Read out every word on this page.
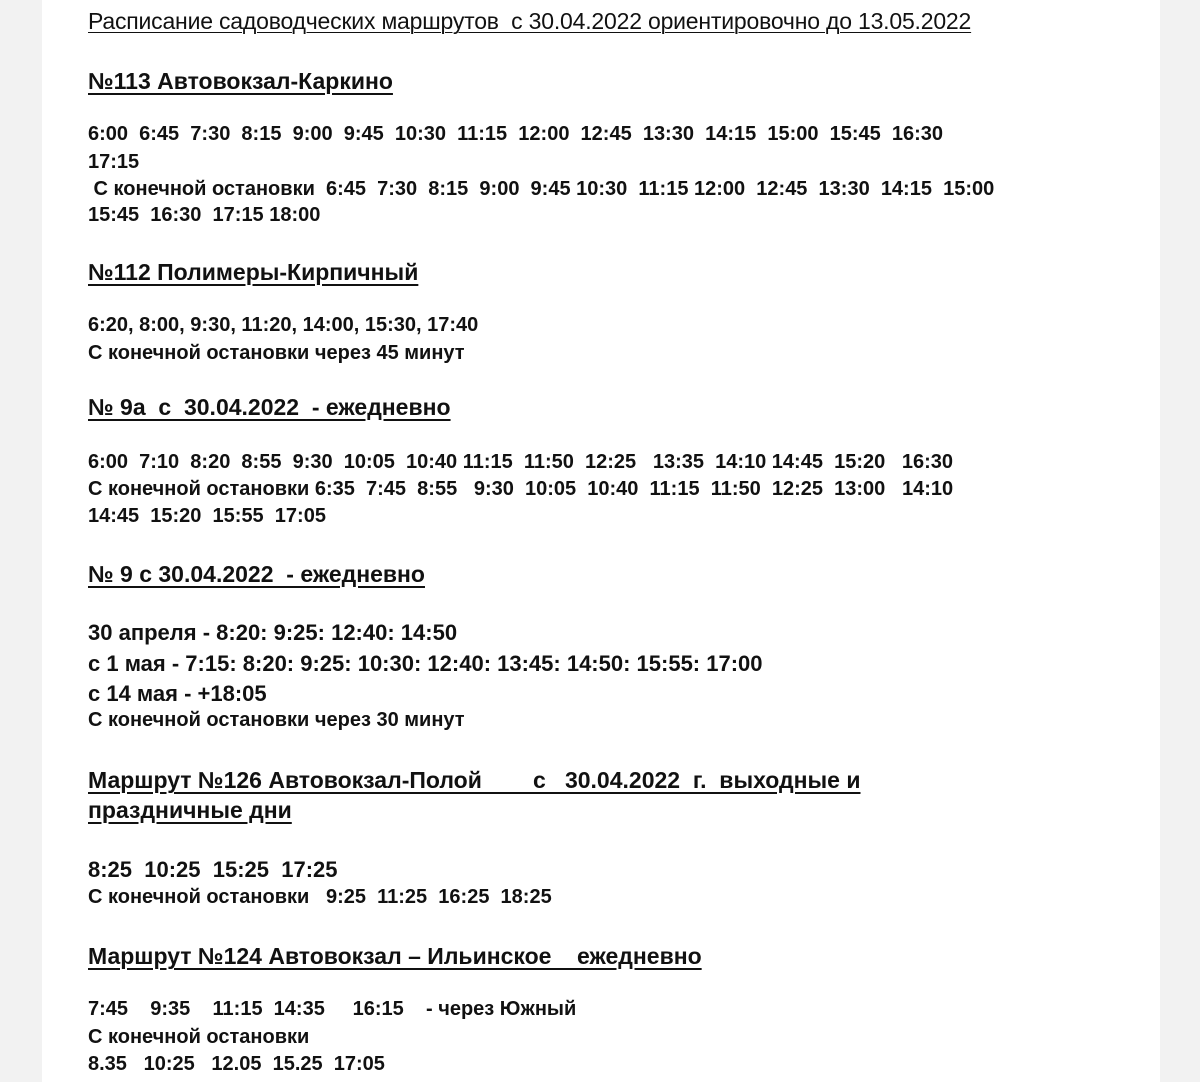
Расписание садоводческих маршрутов  с 30.04.2022 ориентировочно до 13.05.2022
№113 Автовокзал-Каркино
6:00  6:45  7:30  8:15  9:00  9:45  10:30  11:15  12:00  12:45  13:30  14:15  15:00  15:45  16:30
17:15
С конечной остановки  6:45  7:30  8:15  9:00  9:45 10:30  11:15 12:00  12:45  13:30  14:15  15:00
15:45  16:30  17:15 18:00
№112 Полимеры-Кирпичный
6:20, 8:00, 9:30, 11:20, 14:00, 15:30, 17:40
С конечной остановки через 45 минут
№ 9а  с  30.04.2022  - ежедневно
6:00  7:10  8:20  8:55  9:30  10:05  10:40 11:15  11:50  12:25   13:35  14:10 14:45  15:20   16:30
С конечной остановки 6:35  7:45  8:55   9:30  10:05  10:40  11:15  11:50  12:25  13:00   14:10
14:45  15:20  15:55  17:05
№ 9 с 30.04.2022  - ежедневно
30 апреля - 8:20: 9:25: 12:40: 14:50
с 1 мая - 7:15: 8:20: 9:25: 10:30: 12:40: 13:45: 14:50: 15:55: 17:00
с 14 мая - +18:05
С конечной остановки через 30 минут
Маршрут №126 Автовокзал-Полой        с   30.04.2022  г.  выходные и
праздничные дни
8:25  10:25  15:25  17:25
С конечной остановки   9:25  11:25  16:25  18:25
Маршрут №124 Автовокзал – Ильинское    ежедневно
7:45    9:35    11:15  14:35     16:15    - через Южный
С конечной остановки
8.35   10:25   12.05  15.25  17:05
